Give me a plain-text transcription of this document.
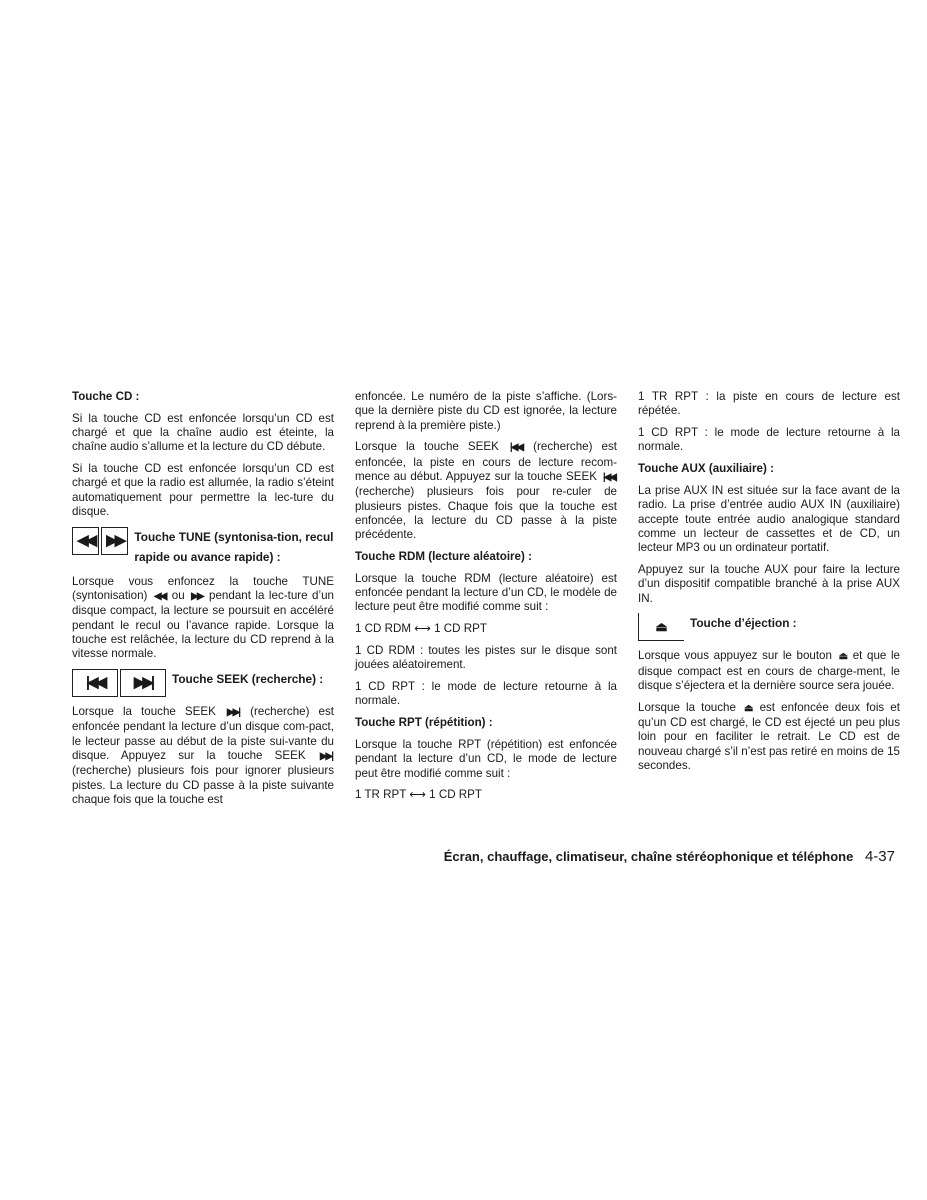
Touche CD :

Si la touche CD est enfoncée lorsqu’un CD est chargé et que la chaîne audio est éteinte, la chaîne audio s’allume et la lecture du CD débute.

Si la touche CD est enfoncée lorsqu’un CD est chargé et que la radio est allumée, la radio s’éteint automatiquement pour permettre la lec-ture du disque.

◀◀ ▶▶ Touche TUNE (syntonisa-tion, recul rapide ou avance rapide) :

Lorsque vous enfoncez la touche TUNE (syntonisation) ◀◀ ou ▶▶ pendant la lec-ture d’un disque compact, la lecture se poursuit en accéléré pendant le recul ou l’avance rapide. Lorsque la touche est relâchée, la lecture du CD reprend à la vitesse normale.

|◀◀	▶▶|	Touche SEEK (recherche) :

Lorsque la touche SEEK ▶▶| (recherche) est enfoncée pendant la lecture d’un disque com-pact, le lecteur passe au début de la piste sui-vante du disque. Appuyez sur la touche SEEK ▶▶| (recherche) plusieurs fois pour ignorer plusieurs pistes. La lecture du CD passe à la piste suivante chaque fois que la touche est

enfoncée. Le numéro de la piste s’affiche. (Lors-que la dernière piste du CD est ignorée, la lecture reprend à la première piste.)

Lorsque la touche SEEK |◀◀ (recherche) est enfoncée, la piste en cours de lecture recom-mence au début. Appuyez sur la touche SEEK |◀◀ (recherche) plusieurs fois pour re-culer de plusieurs pistes. Chaque fois que la touche est enfoncée, la lecture du CD passe à la piste précédente.

Touche RDM (lecture aléatoire) :

Lorsque la touche RDM (lecture aléatoire) est enfoncée pendant la lecture d’un CD, le modèle de lecture peut être modifié comme suit :

1 CD RDM ⟷ 1 CD RPT

1 CD RDM : toutes les pistes sur le disque sont jouées aléatoirement.

1 CD RPT : le mode de lecture retourne à la normale.

Touche RPT (répétition) :

Lorsque la touche RPT (répétition) est enfoncée pendant la lecture d’un CD, le mode de lecture peut être modifié comme suit :

1 TR RPT ⟷ 1 CD RPT

1 TR RPT : la piste en cours de lecture est répétée.

1 CD RPT : le mode de lecture retourne à la normale.

Touche AUX (auxiliaire) :

La prise AUX IN est située sur la face avant de la radio. La prise d’entrée audio AUX IN (auxiliaire) accepte toute entrée audio analogique standard comme un lecteur de cassettes et de CD, un lecteur MP3 ou un ordinateur portatif.

Appuyez sur la touche AUX pour faire la lecture d’un dispositif compatible branché à la prise AUX IN.

⏏	Touche d’éjection :

Lorsque vous appuyez sur le bouton ⏏ et que le disque compact est en cours de charge-ment, le disque s’éjectera et la dernière source sera jouée.

Lorsque la touche ⏏ est enfoncée deux fois et qu’un CD est chargé, le CD est éjecté un peu plus loin pour en faciliter le retrait. Le CD est de nouveau chargé s’il n’est pas retiré en moins de 15 secondes.

Écran, chauffage, climatiseur, chaîne stéréophonique et téléphone 4-37
